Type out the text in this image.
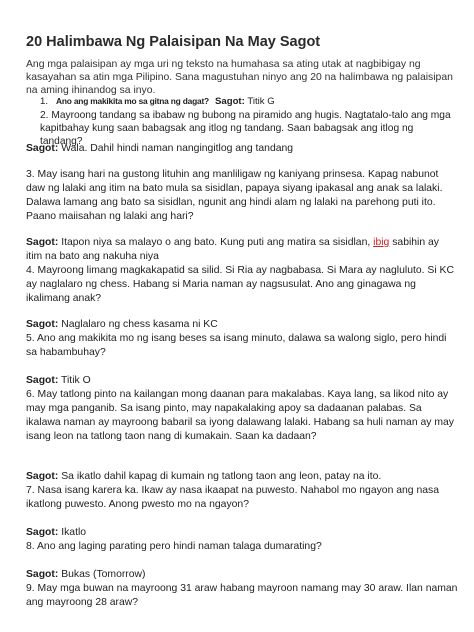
20 Halimbawa Ng Palaisipan Na May Sagot

Ang mga palaisipan ay mga uri ng teksto na humahasa sa ating utak at nagbibigay ng kasayahan sa atin mga Pilipino. Sana magustuhan ninyo ang 20 na halimbawa ng palaisipan na aming ihinandog sa inyo.

1. Ano ang makikita mo sa gitna ng dagat? Sagot: Titik G

2. Mayroong tandang sa ibabaw ng bubong na piramido ang hugis. Nagtatalo-talo ang mga kapitbahay kung saan babagsak ang itlog ng tandang. Saan babagsak ang itlog ng tandang?

Sagot: Wala. Dahil hindi naman nangingitlog ang tandang

3. May isang hari na gustong lituhin ang manliligaw ng kaniyang prinsesa. Kapag nabunot daw ng lalaki ang itim na bato mula sa sisidlan, papaya siyang ipakasal ang anak sa lalaki. Dalawa lamang ang bato sa sisidlan, ngunit ang hindi alam ng lalaki na parehong puti ito. Paano maiisahan ng lalaki ang hari?

Sagot: Itapon niya sa malayo o ang bato. Kung puti ang matira sa sisidlan, ibig sabihin ay itim na bato ang nakuha niya

4. Mayroong limang magkakapatid sa silid. Si Ria ay nagbabasa. Si Mara ay nagluluto. Si KC ay naglalaro ng chess. Habang si Maria naman ay nagsusulat. Ano ang ginagawa ng ikalimang anak?

Sagot: Naglalaro ng chess kasama ni KC

5. Ano ang makikita mo ng isang beses sa isang minuto, dalawa sa walong siglo, pero hindi sa habambuhay?

Sagot: Titik O

6. May tatlong pinto na kailangan mong daanan para makalabas. Kaya lang, sa likod nito ay may mga panganib. Sa isang pinto, may napakalaking apoy sa dadaanan palabas. Sa ikalawa naman ay mayroong babaril sa iyong dalawang lalaki. Habang sa huli naman ay may isang leon na tatlong taon nang di kumakain. Saan ka dadaan?

Sagot: Sa ikatlo dahil kapag di kumain ng tatlong taon ang leon, patay na ito.

7. Nasa isang karera ka. Ikaw ay nasa ikaapat na puwesto. Nahabol mo ngayon ang nasa ikatlong puwesto. Anong pwesto mo na ngayon?

Sagot: Ikatlo

8. Ano ang laging parating pero hindi naman talaga dumarating?

Sagot: Bukas (Tomorrow)

9. May mga buwan na mayroong 31 araw habang mayroon namang may 30 araw. Ilan naman ang mayroong 28 araw?
